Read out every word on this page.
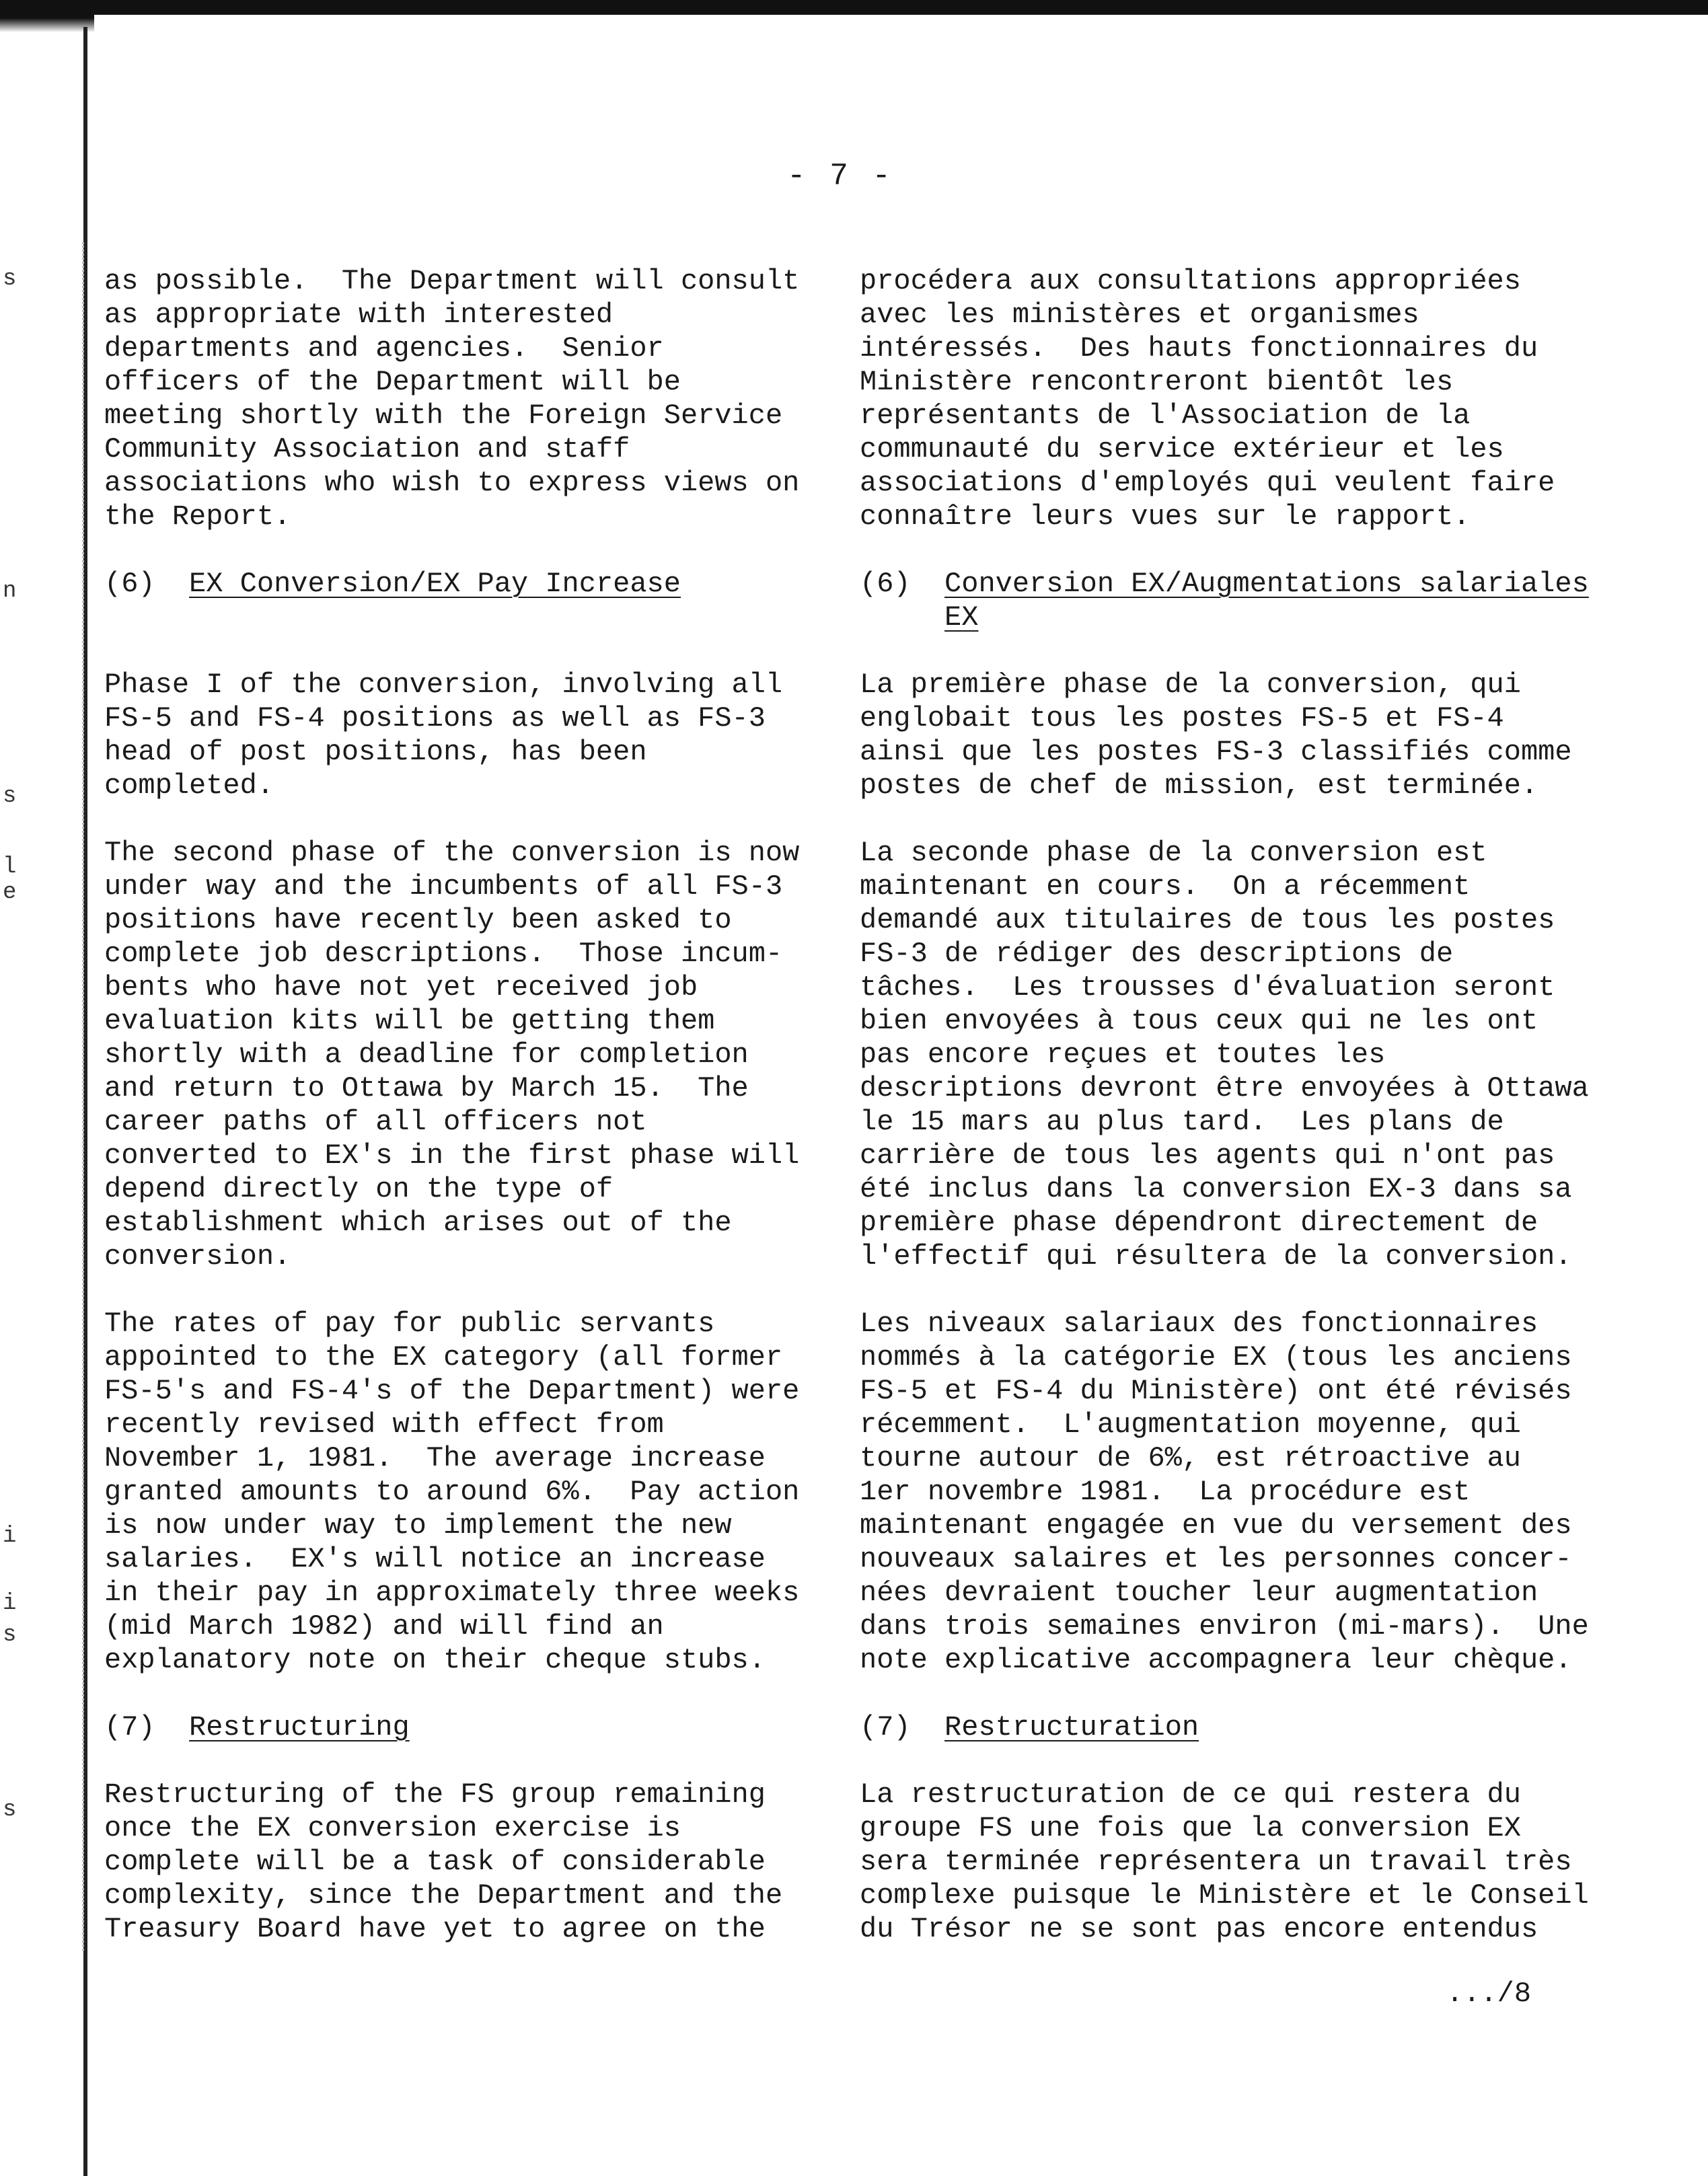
s
n
s
l
e
i
i
s
s
- 7 -

as possible.  The Department will consult
as appropriate with interested
departments and agencies.  Senior
officers of the Department will be
meeting shortly with the Foreign Service
Community Association and staff
associations who wish to express views on
the Report.

(6) EX Conversion/EX Pay Increase

Phase I of the conversion, involving all
FS-5 and FS-4 positions as well as FS-3
head of post positions, has been
completed.

The second phase of the conversion is now
under way and the incumbents of all FS-3
positions have recently been asked to
complete job descriptions.  Those incum-
bents who have not yet received job
evaluation kits will be getting them
shortly with a deadline for completion
and return to Ottawa by March 15.  The
career paths of all officers not
converted to EX's in the first phase will
depend directly on the type of
establishment which arises out of the
conversion.

The rates of pay for public servants
appointed to the EX category (all former
FS-5's and FS-4's of the Department) were
recently revised with effect from
November 1, 1981.  The average increase
granted amounts to around 6%.  Pay action
is now under way to implement the new
salaries.  EX's will notice an increase
in their pay in approximately three weeks
(mid March 1982) and will find an
explanatory note on their cheque stubs.

(7) Restructuring

Restructuring of the FS group remaining
once the EX conversion exercise is
complete will be a task of considerable
complexity, since the Department and the
Treasury Board have yet to agree on the

procédera aux consultations appropriées
avec les ministères et organismes
intéressés.  Des hauts fonctionnaires du
Ministère rencontreront bientôt les
représentants de l'Association de la
communauté du service extérieur et les
associations d'employés qui veulent faire
connaître leurs vues sur le rapport.

(6) Conversion EX/Augmentations salariales
EX

La première phase de la conversion, qui
englobait tous les postes FS-5 et FS-4
ainsi que les postes FS-3 classifiés comme
postes de chef de mission, est terminée.

La seconde phase de la conversion est
maintenant en cours.  On a récemment
demandé aux titulaires de tous les postes
FS-3 de rédiger des descriptions de
tâches.  Les trousses d'évaluation seront
bien envoyées à tous ceux qui ne les ont
pas encore reçues et toutes les
descriptions devront être envoyées à Ottawa
le 15 mars au plus tard.  Les plans de
carrière de tous les agents qui n'ont pas
été inclus dans la conversion EX-3 dans sa
première phase dépendront directement de
l'effectif qui résultera de la conversion.

Les niveaux salariaux des fonctionnaires
nommés à la catégorie EX (tous les anciens
FS-5 et FS-4 du Ministère) ont été révisés
récemment.  L'augmentation moyenne, qui
tourne autour de 6%, est rétroactive au
1er novembre 1981.  La procédure est
maintenant engagée en vue du versement des
nouveaux salaires et les personnes concer-
nées devraient toucher leur augmentation
dans trois semaines environ (mi-mars).  Une
note explicative accompagnera leur chèque.

(7) Restructuration

La restructuration de ce qui restera du
groupe FS une fois que la conversion EX
sera terminée représentera un travail très
complexe puisque le Ministère et le Conseil
du Trésor ne se sont pas encore entendus

.../8
